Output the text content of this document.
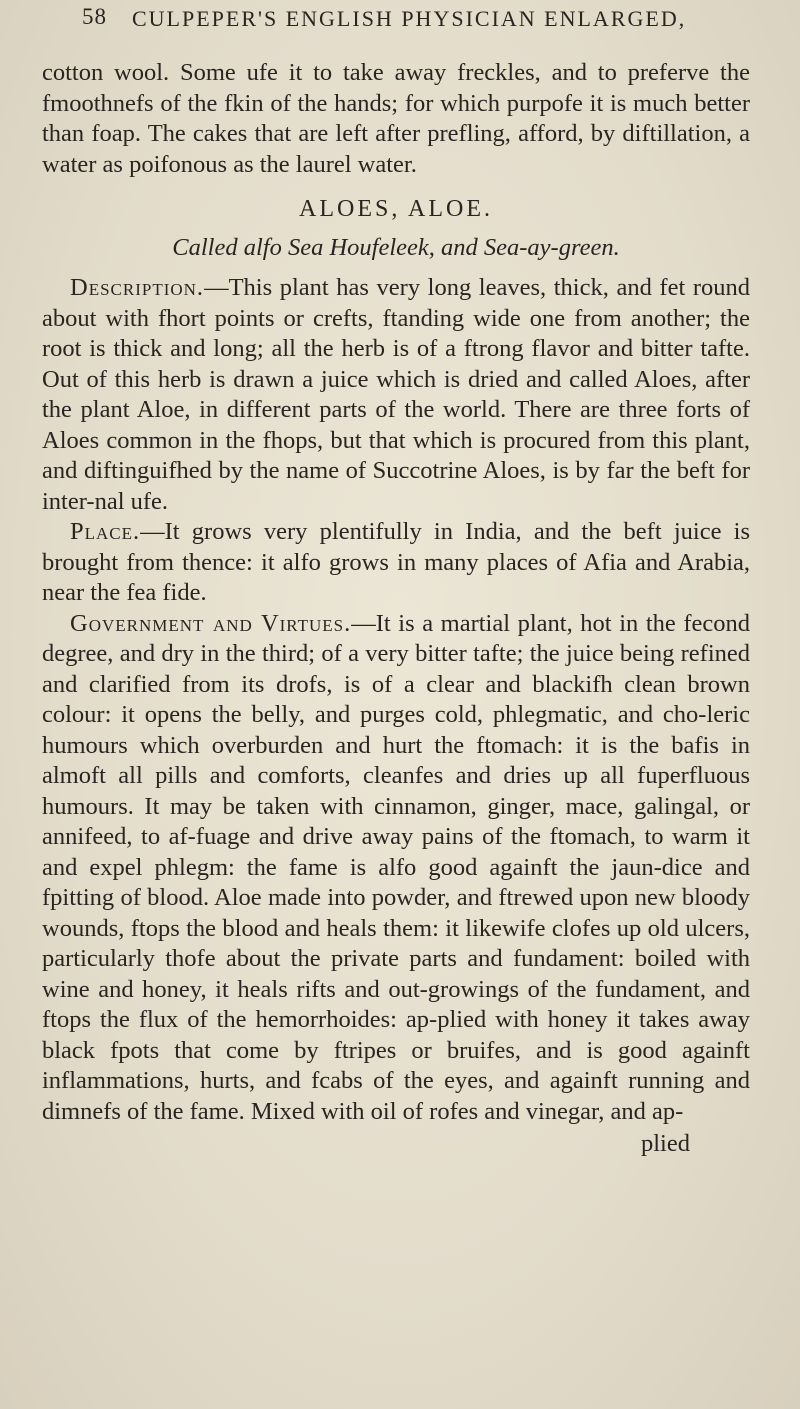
58 CULPEPER'S ENGLISH PHYSICIAN ENLARGED,

cotton wool. Some ufe it to take away freckles, and to preferve the fmoothnefs of the fkin of the hands; for which purpofe it is much better than foap. The cakes that are left after prefling, afford, by diftillation, a water as poifonous as the laurel water.

ALOES, ALOE.
Called alfo Sea Houfeleek, and Sea-ay-green.

Description.—This plant has very long leaves, thick, and fet round about with fhort points or crefts, ftanding wide one from another; the root is thick and long; all the herb is of a ftrong flavor and bitter tafte. Out of this herb is drawn a juice which is dried and called Aloes, after the plant Aloe, in different parts of the world. There are three forts of Aloes common in the fhops, but that which is procured from this plant, and diftinguifhed by the name of Succotrine Aloes, is by far the beft for inter-nal ufe.

Place.—It grows very plentifully in India, and the beft juice is brought from thence: it alfo grows in many places of Afia and Arabia, near the fea fide.

Government and Virtues.—It is a martial plant, hot in the fecond degree, and dry in the third; of a very bitter tafte; the juice being refined and clarified from its drofs, is of a clear and blackifh clean brown colour: it opens the belly, and purges cold, phlegmatic, and cho-leric humours which overburden and hurt the ftomach: it is the bafis in almoft all pills and comforts, cleanfes and dries up all fuperfluous humours. It may be taken with cinnamon, ginger, mace, galingal, or annifeed, to af-fuage and drive away pains of the ftomach, to warm it and expel phlegm: the fame is alfo good againft the jaun-dice and fpitting of blood. Aloe made into powder, and ftrewed upon new bloody wounds, ftops the blood and heals them: it likewife clofes up old ulcers, particularly thofe about the private parts and fundament: boiled with wine and honey, it heals rifts and out-growings of the fundament, and ftops the flux of the hemorrhoides: ap-plied with honey it takes away black fpots that come by ftripes or bruifes, and is good againft inflammations, hurts, and fcabs of the eyes, and againft running and dimnefs of the fame. Mixed with oil of rofes and vinegar, and ap-

plied
